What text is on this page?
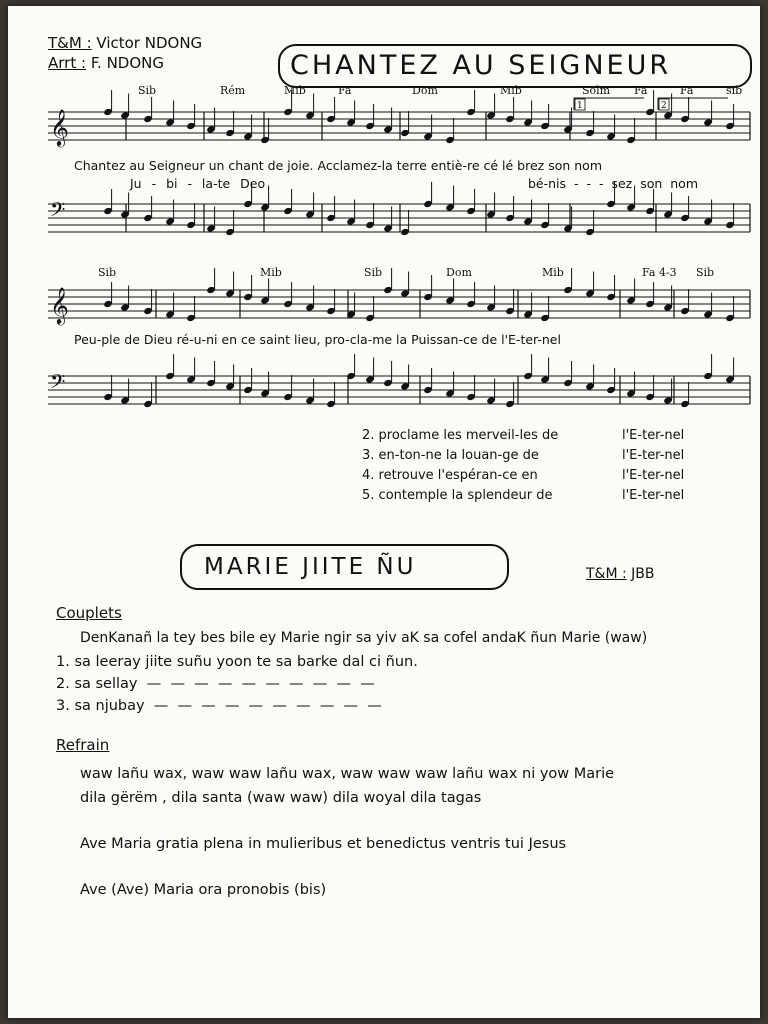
T&M : Victor NDONG
Arrt : F. NDONG	CHANTEZ AU SEIGNEUR
𝄞
𝄢
𝄞
𝄢
Sib	Rém	Mib	Fa	Dom	Mib	Solm Fa	Fa	sib
Sib	Mib	Sib	Dom	Mib	Fa 4-3 Sib
1	2
Chantez au Seigneur un chant de joie. Acclamez-la terre entiè-re cé lé brez son nom
Ju - bi - la-te Deo	bé-nis - - - sez son nom
Peu-ple de Dieu ré-u-ni en ce saint lieu, pro-cla-me la Puissan-ce de l'E-ter-nel
2. proclame les merveil-les de	l'E-ter-nel
3. en-ton-ne la louan-ge de	l'E-ter-nel
4. retrouve l'espéran-ce en	l'E-ter-nel
5. contemple la splendeur de	l'E-ter-nel
MARIE JIITE ÑU	T&M : JBB
Couplets
DenKanañ la tey bes bile ey Marie ngir sa yiv aK sa cofel andaK ñun Marie (waw)
1. sa leeray jiite suñu yoon te sa barke dal ci ñun.
2. sa sellay  —  —  —  —  —  —  —  —  —  —
3. sa njubay  —  —  —  —  —  —  —  —  —  —
Refrain
waw lañu wax, waw waw lañu wax, waw waw waw lañu wax ni yow Marie
dila gërëm , dila santa (waw waw) dila woyal dila tagas
Ave Maria gratia plena in mulieribus et benedictus ventris tui Jesus
Ave (Ave) Maria ora pronobis (bis)
